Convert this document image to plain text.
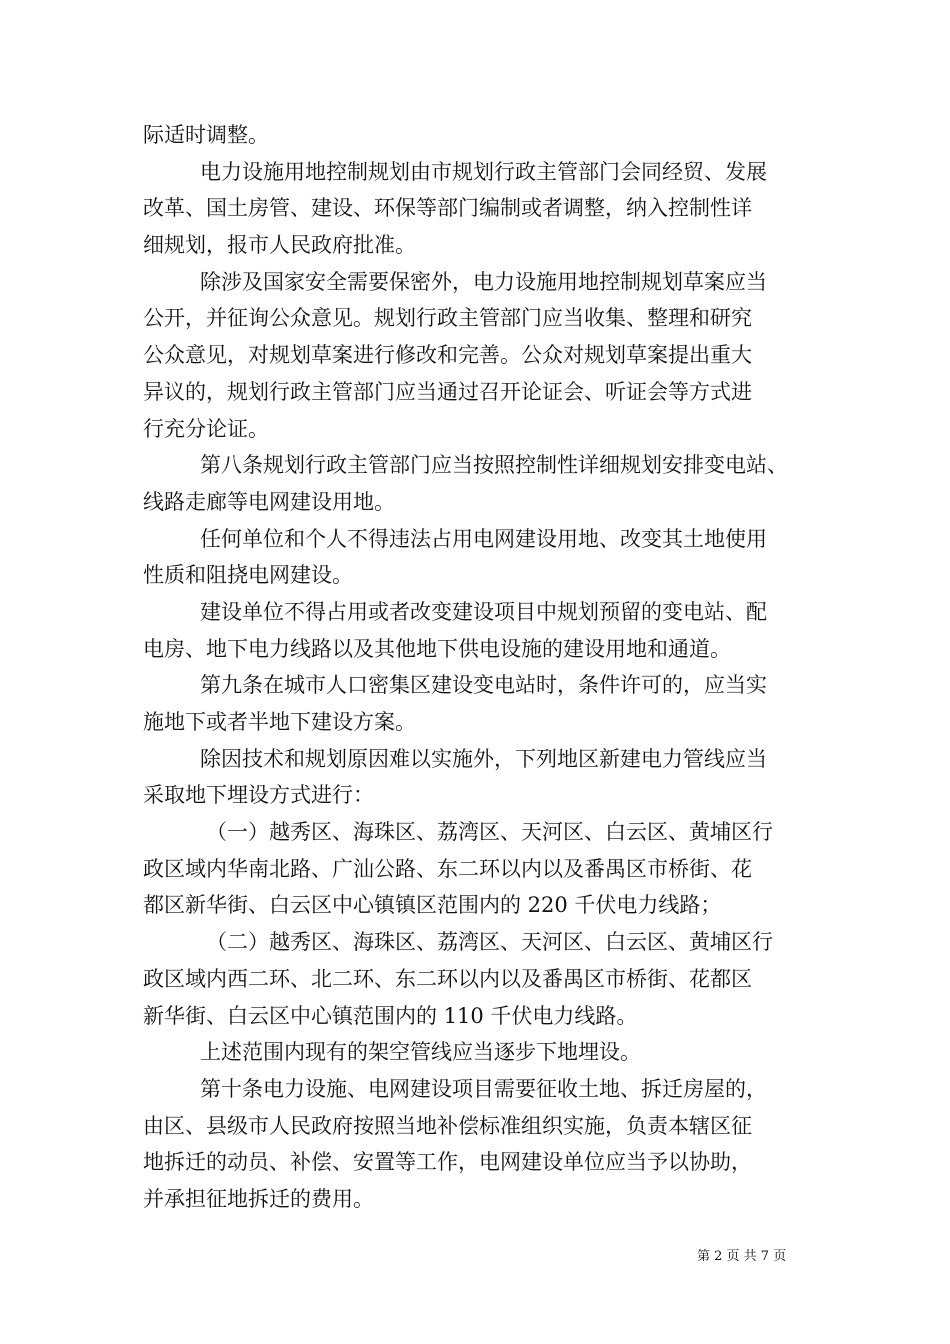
际适时调整。
电力设施用地控制规划由市规划行政主管部门会同经贸、发展
改革、国土房管、建设、环保等部门编制或者调整，纳入控制性详
细规划，报市人民政府批准。
除涉及国家安全需要保密外，电力设施用地控制规划草案应当
公开，并征询公众意见。规划行政主管部门应当收集、整理和研究
公众意见，对规划草案进行修改和完善。公众对规划草案提出重大
异议的，规划行政主管部门应当通过召开论证会、听证会等方式进
行充分论证。
第八条规划行政主管部门应当按照控制性详细规划安排变电站、
线路走廊等电网建设用地。
任何单位和个人不得违法占用电网建设用地、改变其土地使用
性质和阻挠电网建设。
建设单位不得占用或者改变建设项目中规划预留的变电站、配
电房、地下电力线路以及其他地下供电设施的建设用地和通道。
第九条在城市人口密集区建设变电站时，条件许可的，应当实
施地下或者半地下建设方案。
除因技术和规划原因难以实施外，下列地区新建电力管线应当
采取地下埋设方式进行：
（一）越秀区、海珠区、荔湾区、天河区、白云区、黄埔区行
政区域内华南北路、广汕公路、东二环以内以及番禺区市桥街、花
都区新华街、白云区中心镇镇区范围内的 220 千伏电力线路；
（二）越秀区、海珠区、荔湾区、天河区、白云区、黄埔区行
政区域内西二环、北二环、东二环以内以及番禺区市桥街、花都区
新华街、白云区中心镇范围内的 110 千伏电力线路。
上述范围内现有的架空管线应当逐步下地埋设。
第十条电力设施、电网建设项目需要征收土地、拆迁房屋的，
由区、县级市人民政府按照当地补偿标准组织实施，负责本辖区征
地拆迁的动员、补偿、安置等工作，电网建设单位应当予以协助，
并承担征地拆迁的费用。
第 2 页 共 7 页
